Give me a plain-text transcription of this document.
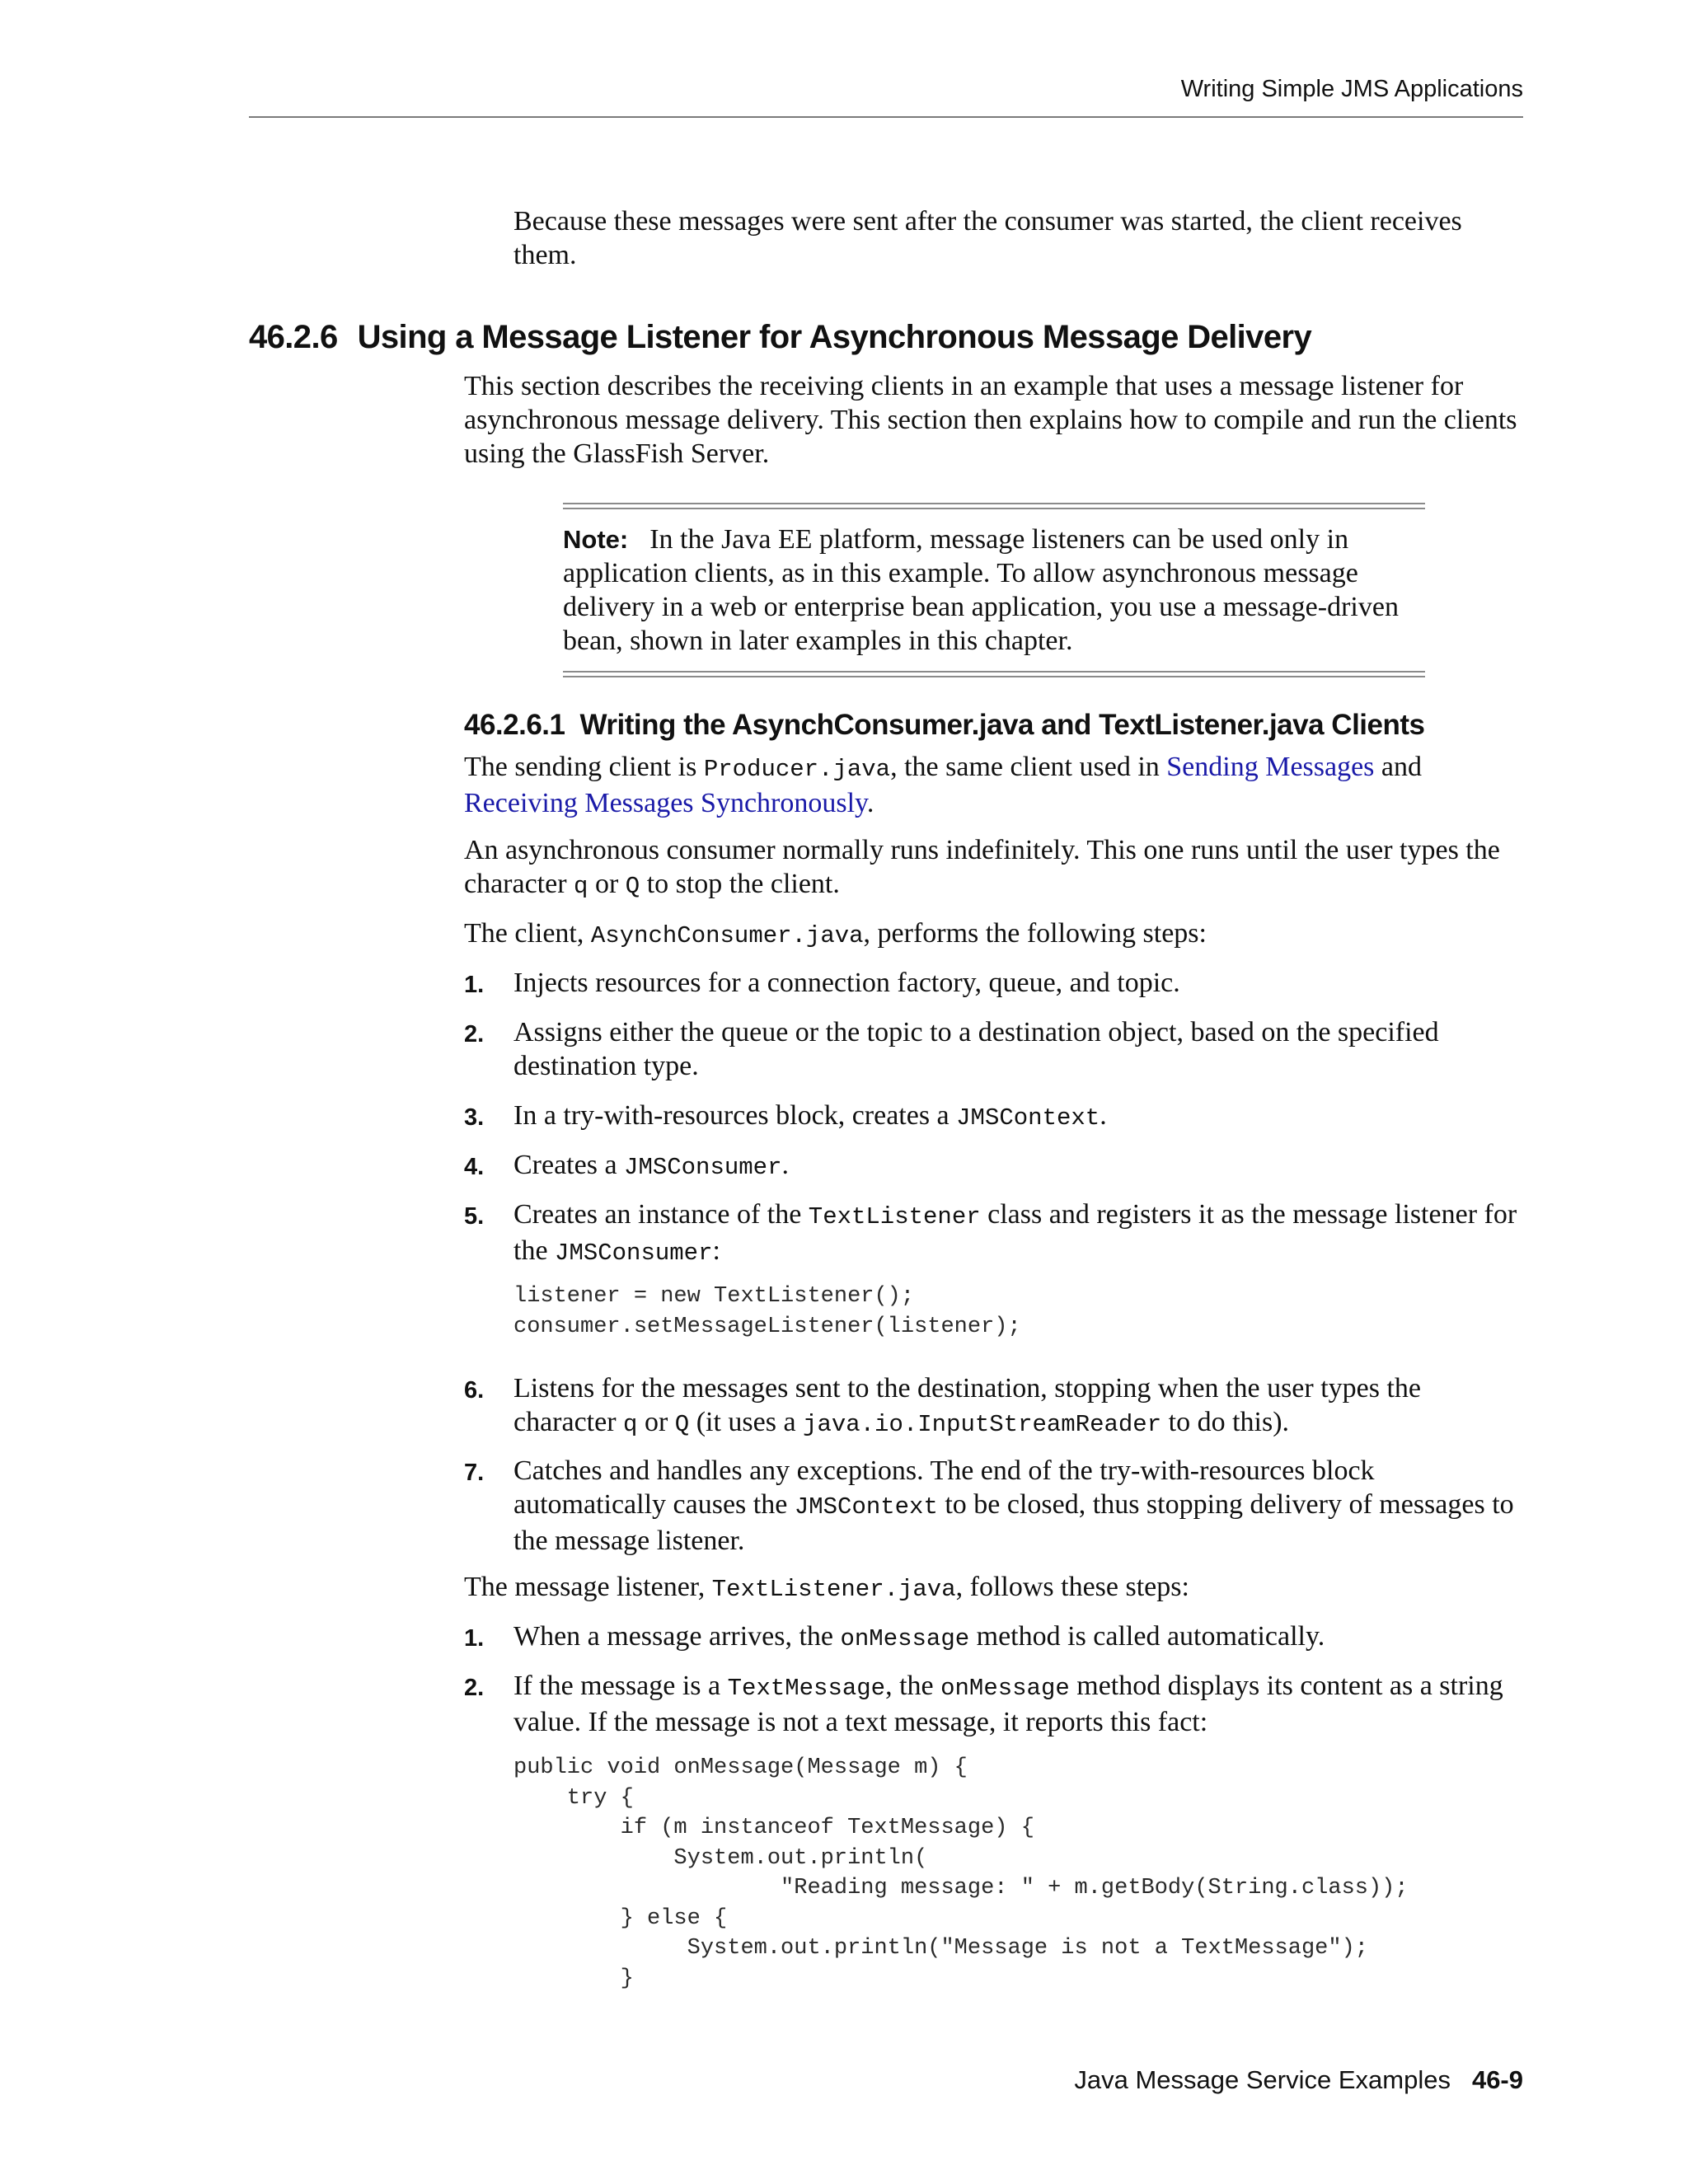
Writing Simple JMS Applications
Because these messages were sent after the consumer was started, the client receives them.
46.2.6 Using a Message Listener for Asynchronous Message Delivery
This section describes the receiving clients in an example that uses a message listener for asynchronous message delivery. This section then explains how to compile and run the clients using the GlassFish Server.
Note: In the Java EE platform, message listeners can be used only in application clients, as in this example. To allow asynchronous message delivery in a web or enterprise bean application, you use a message-driven bean, shown in later examples in this chapter.
46.2.6.1 Writing the AsynchConsumer.java and TextListener.java Clients
The sending client is Producer.java, the same client used in Sending Messages and Receiving Messages Synchronously.
An asynchronous consumer normally runs indefinitely. This one runs until the user types the character q or Q to stop the client.
The client, AsynchConsumer.java, performs the following steps:
1. Injects resources for a connection factory, queue, and topic.
2. Assigns either the queue or the topic to a destination object, based on the specified destination type.
3. In a try-with-resources block, creates a JMSContext.
4. Creates a JMSConsumer.
5. Creates an instance of the TextListener class and registers it as the message listener for the JMSConsumer:
listener = new TextListener();
consumer.setMessageListener(listener);
6. Listens for the messages sent to the destination, stopping when the user types the character q or Q (it uses a java.io.InputStreamReader to do this).
7. Catches and handles any exceptions. The end of the try-with-resources block automatically causes the JMSContext to be closed, thus stopping delivery of messages to the message listener.
The message listener, TextListener.java, follows these steps:
1. When a message arrives, the onMessage method is called automatically.
2. If the message is a TextMessage, the onMessage method displays its content as a string value. If the message is not a text message, it reports this fact:
public void onMessage(Message m) {
try {
if (m instanceof TextMessage) {
System.out.println(
"Reading message: " + m.getBody(String.class));
} else {
System.out.println("Message is not a TextMessage");
}
Java Message Service Examples 46-9
